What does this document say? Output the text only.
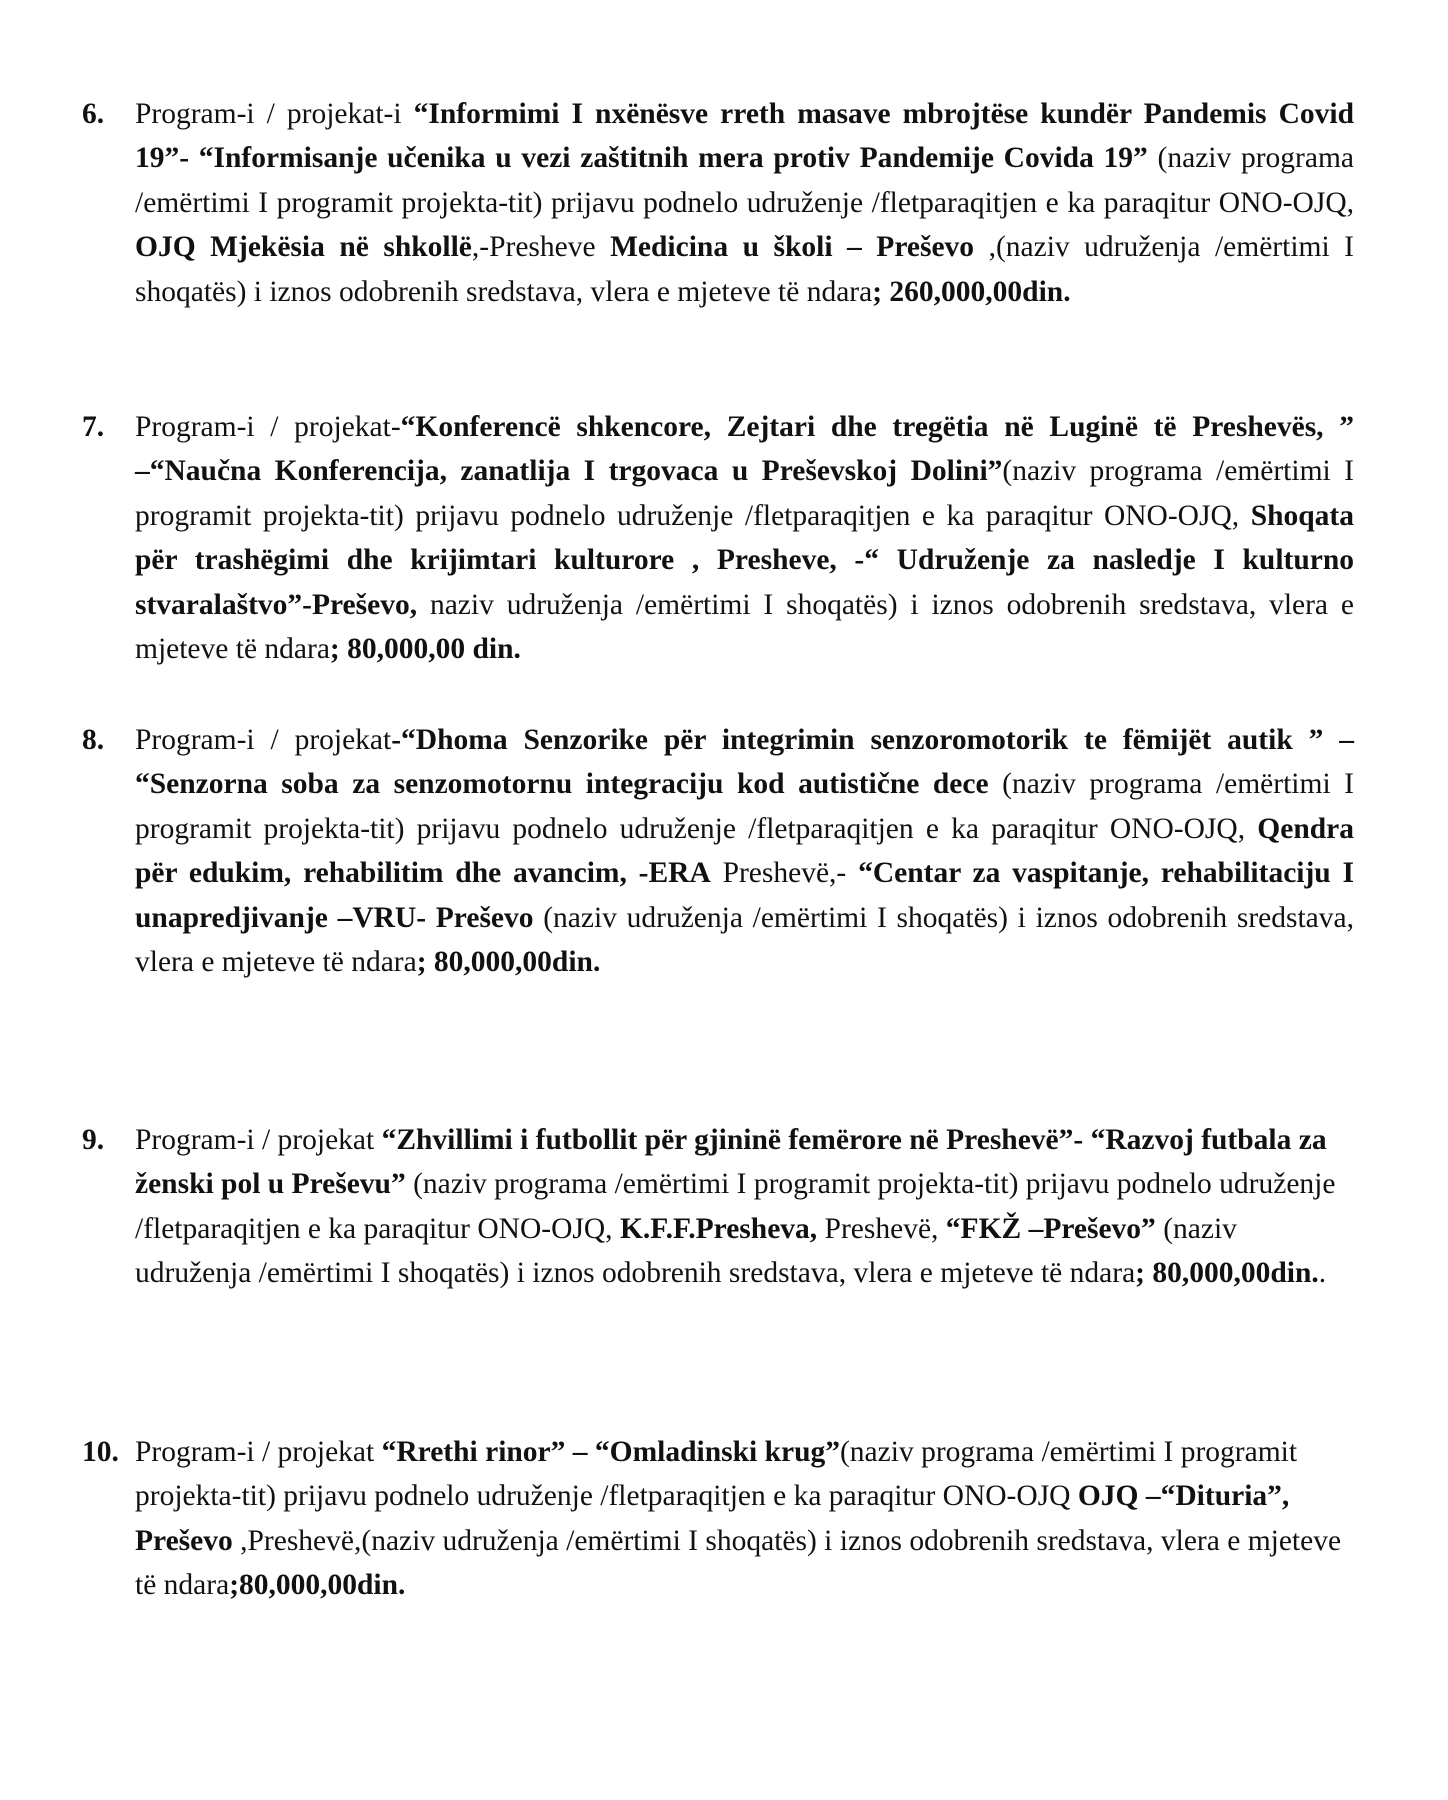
6.	Program-i / projekat-i “Informimi I nxënësve rreth masave mbrojtëse kundër Pandemis Covid 19”- “Informisanje učenika u vezi zaštitnih mera protiv Pandemije Covida 19” (naziv programa /emërtimi I programit projekta-tit) prijavu podnelo udruženje /fletparaqitjen e ka paraqitur ONO-OJQ, OJQ Mjekësia në shkollë,-Presheve Medicina u školi – Preševo ,(naziv udruženja /emërtimi I shoqatës) i iznos odobrenih sredstava, vlera e mjeteve të ndara; 260,000,00din.
7.	Program-i / projekat-“Konferencë shkencore, Zejtari dhe tregëtia në Luginë të Preshevës, ” –“Naučna Konferencija, zanatlija I trgovaca u Preševskoj Dolini”(naziv programa /emërtimi I programit projekta-tit) prijavu podnelo udruženje /fletparaqitjen e ka paraqitur ONO-OJQ, Shoqata për trashëgimi dhe krijimtari kulturore , Presheve, -“ Udruženje za nasledje I kulturno stvaralaštvo”-Preševo, naziv udruženja /emërtimi I shoqatës) i iznos odobrenih sredstava, vlera e mjeteve të ndara; 80,000,00 din.
8.	Program-i / projekat-“Dhoma Senzorike për integrimin senzoromotorik te fëmijët autik ” – “Senzorna soba za senzomotornu integraciju kod autistične dece (naziv programa /emërtimi I programit projekta-tit) prijavu podnelo udruženje /fletparaqitjen e ka paraqitur ONO-OJQ, Qendra për edukim, rehabilitim dhe avancim, -ERA Preshevë,- “Centar za vaspitanje, rehabilitaciju I unapredjivanje –VRU- Preševo (naziv udruženja /emërtimi I shoqatës) i iznos odobrenih sredstava, vlera e mjeteve të ndara; 80,000,00din.
9.	Program-i / projekat “Zhvillimi i futbollit për gjininë femërore në Preshevë”- “Razvoj futbala za ženski pol u Preševu” (naziv programa /emërtimi I programit projekta-tit) prijavu podnelo udruženje /fletparaqitjen e ka paraqitur ONO-OJQ, K.F.F.Presheva, Preshevë, “FKŽ –Preševo” (naziv udruženja /emërtimi I shoqatës) i iznos odobrenih sredstava, vlera e mjeteve të ndara; 80,000,00din..
10. Program-i / projekat “Rrethi rinor” – “Omladinski krug”(naziv programa /emërtimi I programit projekta-tit) prijavu podnelo udruženje /fletparaqitjen e ka paraqitur ONO-OJQ OJQ –“Dituria”, Preševo ,Preshevë,(naziv udruženja /emërtimi I shoqatës) i iznos odobrenih sredstava, vlera e mjeteve të ndara;80,000,00din.
